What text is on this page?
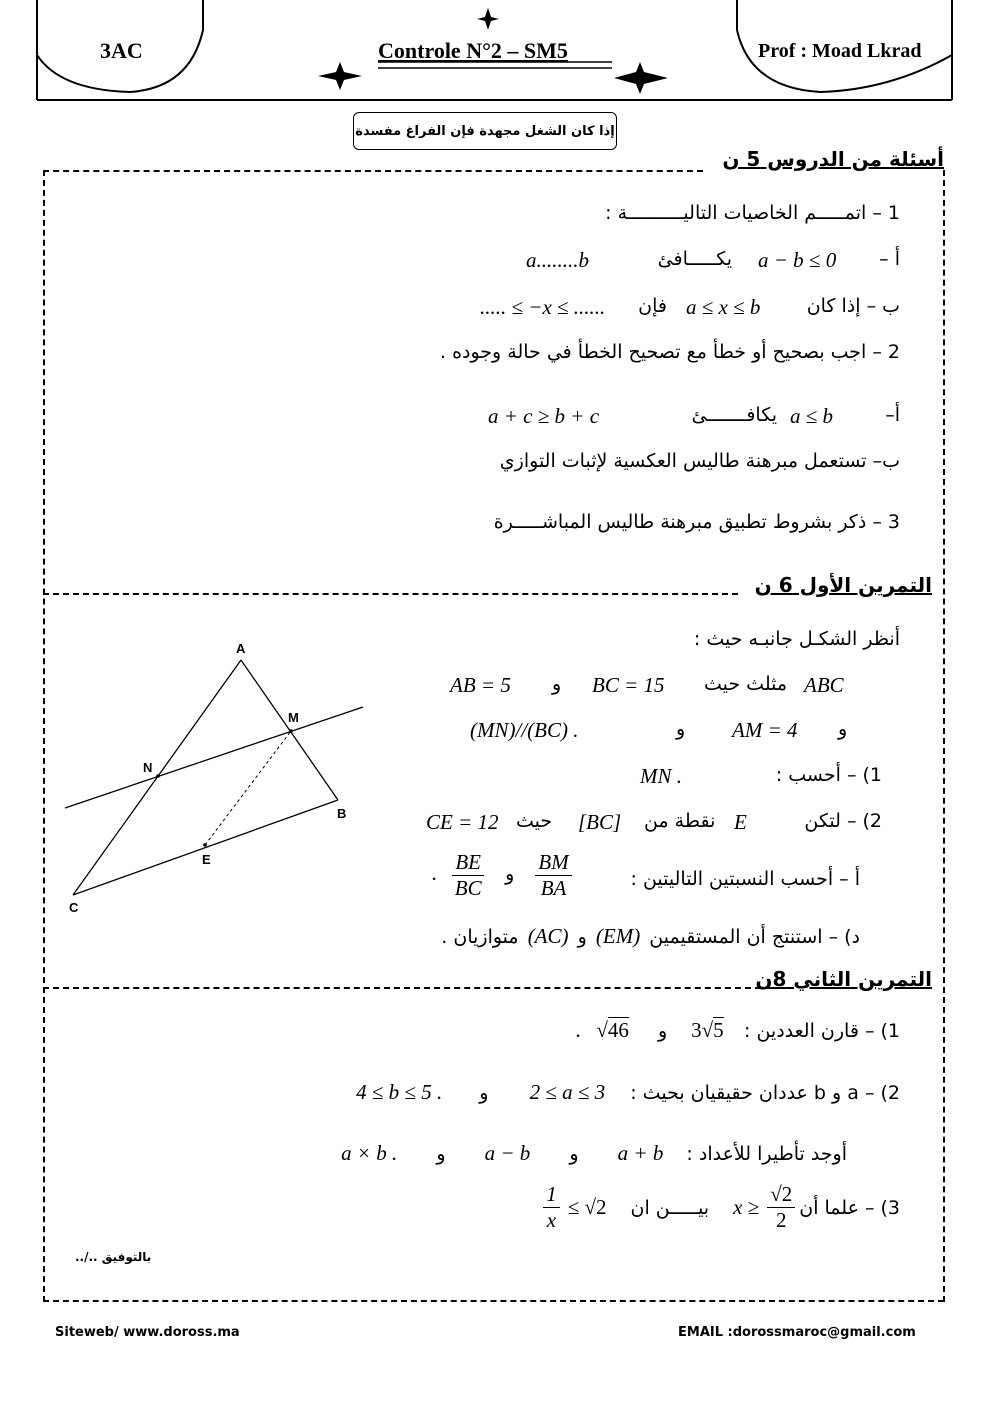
3AC	Controle N°2 – SM5	Prof : Moad Lkrad
إذا كان الشغل مجهدة فإن الفراغ مفسدة
أسئلة من الدروس 5 ن
1 – اتمـــــم الخاصيات التاليــــــــــة :
أ –
a − b ≤ 0
يكـــــافئ
a........b
ب – إذا كان
a ≤ x ≤ b
فإن
..... ≤ −x ≤ ......
2 – اجب بصحيح أو خطأ مع تصحيح الخطأ في حالة وجوده .
أ–
a ≤ b
يكافـــــــئ
a + c ≥ b + c
ب– تستعمل مبرهنة طاليس العكسية لإثبات التوازي
3 – ذكر بشروط تطبيق مبرهنة طاليس المباشـــــرة
التمرين الأول 6 ن
أنظر الشكـل جانبـه حيث :
AB = 5 و BC = 15 مثلث حيث ABC
(MN)//(BC) .	و AM = 4 و
MN .	1) – أحسب :
CE = 12 حيث [BC] نقطة من E	2) – لتكن
. $\frac{BE}{BC}$ و $\frac{BM}{BA}$	أ – أحسب النسبتين التاليتين :
د) – استنتج أن المستقيمين (EM) و (AC) متوازيان .
A
M
N
B
E
C
التمرين الثاني 8ن
1) – قارن العددين : 3√5 و √46 .
2) – a و b عددان حقيقيان بحيث : 2 ≤ a ≤ 3 و 4 ≤ b ≤ 5 .
أوجد تأطيرا للأعداد : a + b و a − b و a × b .
3) – علما أن
$\frac{√2}{2}$
x ≥
بيـــــن ان
≤ √2
$\frac{1}{x}$
بالتوفيق ../..
Siteweb/ www.doross.ma	EMAIL :dorossmaroc@gmail.com
